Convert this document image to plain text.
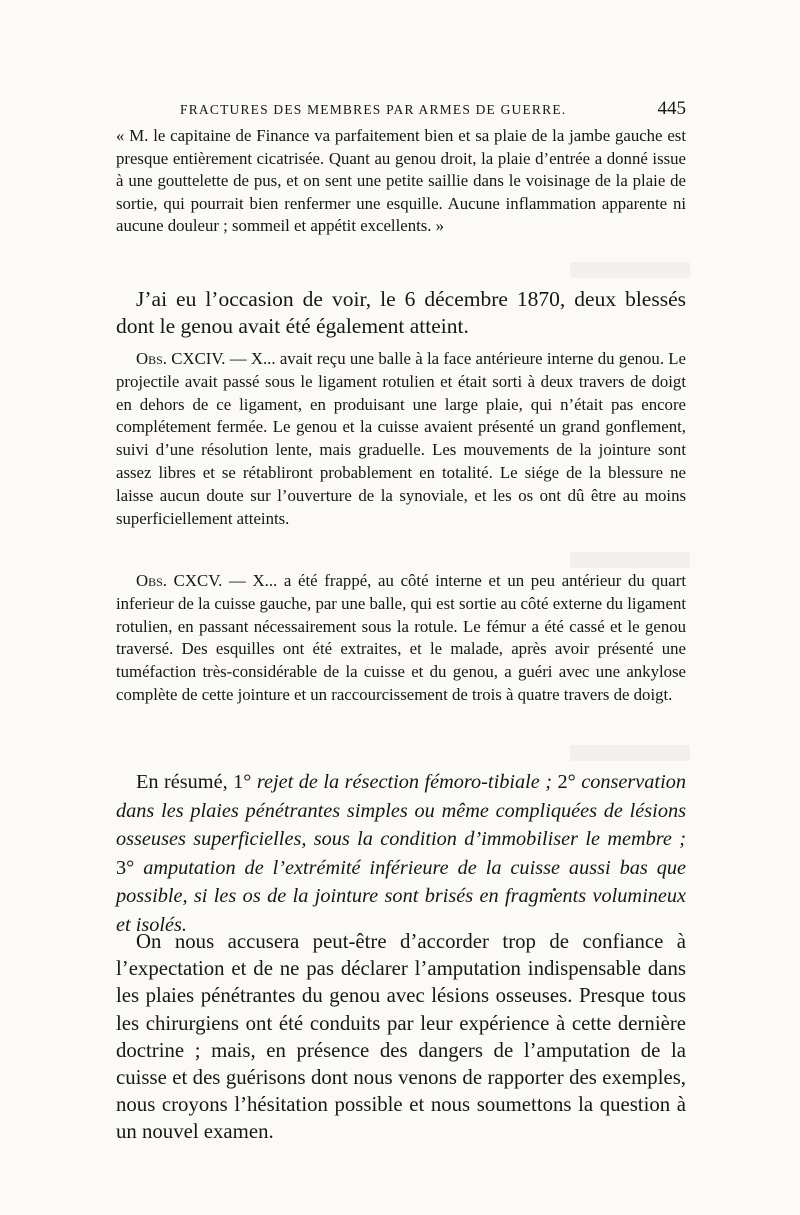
FRACTURES DES MEMBRES PAR ARMES DE GUERRE.	445

« M. le capitaine de Finance va parfaitement bien et sa plaie de la jambe gauche est presque entièrement cicatrisée. Quant au genou droit, la plaie d’entrée a donné issue à une gouttelette de pus, et on sent une petite saillie dans le voisinage de la plaie de sortie, qui pourrait bien renfermer une esquille. Aucune inflammation apparente ni aucune douleur ; sommeil et appétit excellents. »

J’ai eu l’occasion de voir, le 6 décembre 1870, deux blessés dont le genou avait été également atteint.

Obs. CXCIV. — X... avait reçu une balle à la face antérieure interne du genou. Le projectile avait passé sous le ligament rotulien et était sorti à deux travers de doigt en dehors de ce ligament, en produisant une large plaie, qui n’était pas encore complétement fermée. Le genou et la cuisse avaient présenté un grand gonflement, suivi d’une résolution lente, mais graduelle. Les mouvements de la jointure sont assez libres et se rétabliront probablement en totalité. Le siége de la blessure ne laisse aucun doute sur l’ouverture de la synoviale, et les os ont dû être au moins superficiellement atteints.

Obs. CXCV. — X... a été frappé, au côté interne et un peu antérieur du quart inferieur de la cuisse gauche, par une balle, qui est sortie au côté externe du ligament rotulien, en passant nécessairement sous la rotule. Le fémur a été cassé et le genou traversé. Des esquilles ont été extraites, et le malade, après avoir présenté une tuméfaction très-considérable de la cuisse et du genou, a guéri avec une ankylose complète de cette jointure et un raccourcissement de trois à quatre travers de doigt.

En résumé, 1° rejet de la résection fémoro-tibiale ; 2° conservation dans les plaies pénétrantes simples ou même compliquées de lésions osseuses superficielles, sous la condition d’immobiliser le membre ; 3° amputation de l’extrémité inférieure de la cuisse aussi bas que possible, si les os de la jointure sont brisés en fragments volumineux et isolés.

On nous accusera peut-être d’accorder trop de confiance à l’expectation et de ne pas déclarer l’amputation indispensable dans les plaies pénétrantes du genou avec lésions osseuses. Presque tous les chirurgiens ont été conduits par leur expérience à cette dernière doctrine ; mais, en présence des dangers de l’amputation de la cuisse et des guérisons dont nous venons de rapporter des exemples, nous croyons l’hésitation possible et nous soumettons la question à un nouvel examen.
